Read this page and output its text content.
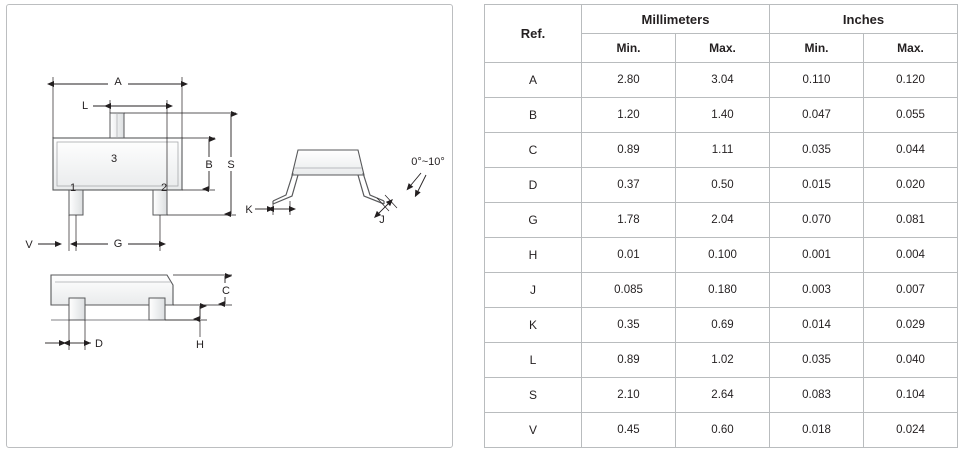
3
1	2
A
L
B S
G
V
K
J
0°~10°
C
H
D
Ref.	Millimeters		Inches	
	Min.	Max.	Min.	Max.
A	2.80	3.04	0.110	0.120
B	1.20	1.40	0.047	0.055
C	0.89	1.11	0.035	0.044
D	0.37	0.50	0.015	0.020
G	1.78	2.04	0.070	0.081
H	0.01	0.100	0.001	0.004
J	0.085	0.180	0.003	0.007
K	0.35	0.69	0.014	0.029
L	0.89	1.02	0.035	0.040
S	2.10	2.64	0.083	0.104
V	0.45	0.60	0.018	0.024
